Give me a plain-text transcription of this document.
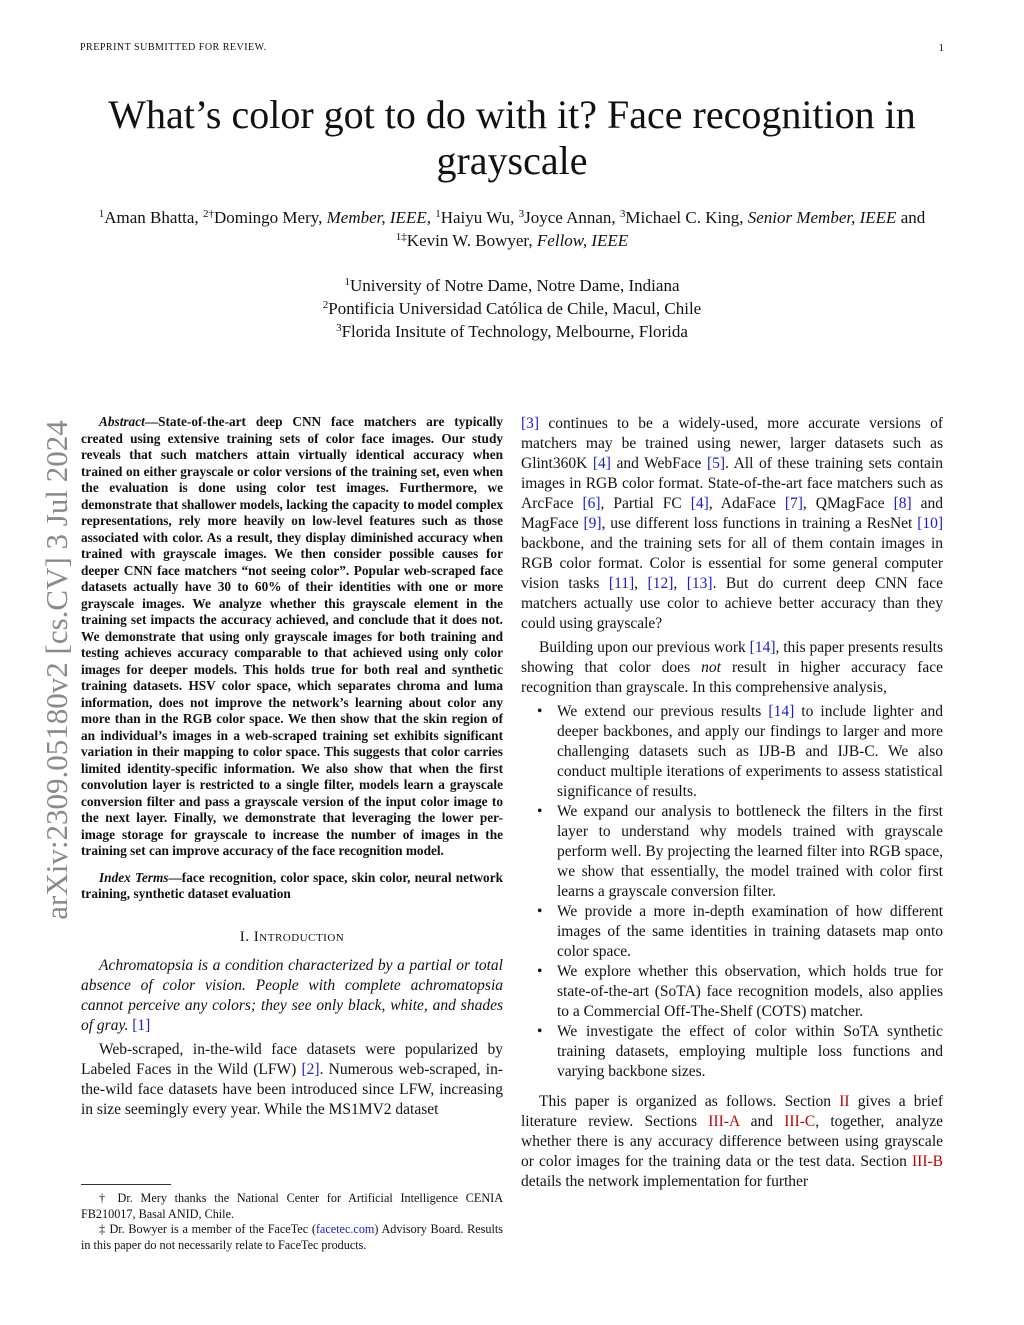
PREPRINT SUBMITTED FOR REVIEW.	1
arXiv:2309.05180v2 [cs.CV] 3 Jul 2024
What’s color got to do with it? Face recognition in grayscale
$^1$Aman Bhatta, $^{2\dagger}$Domingo Mery, Member, IEEE, $^1$Haiyu Wu, $^3$Joyce Annan, $^3$Michael C. King, Senior Member, IEEE and $^{1\ddagger}$Kevin W. Bowyer, Fellow, IEEE
$^1$University of Notre Dame, Notre Dame, Indiana
$^2$Pontificia Universidad Católica de Chile, Macul, Chile
$^3$Florida Insitute of Technology, Melbourne, Florida

Abstract—State-of-the-art deep CNN face matchers are typically created using extensive training sets of color face images. Our study reveals that such matchers attain virtually identical accuracy when trained on either grayscale or color versions of the training set, even when the evaluation is done using color test images. Furthermore, we demonstrate that shallower models, lacking the capacity to model complex representations, rely more heavily on low-level features such as those associated with color. As a result, they display diminished accuracy when trained with grayscale images. We then consider possible causes for deeper CNN face matchers “not seeing color”. Popular web-scraped face datasets actually have 30 to 60% of their identities with one or more grayscale images. We analyze whether this grayscale element in the training set impacts the accuracy achieved, and conclude that it does not. We demonstrate that using only grayscale images for both training and testing achieves accuracy comparable to that achieved using only color images for deeper models. This holds true for both real and synthetic training datasets. HSV color space, which separates chroma and luma information, does not improve the network’s learning about color any more than in the RGB color space. We then show that the skin region of an individual’s images in a web-scraped training set exhibits significant variation in their mapping to color space. This suggests that color carries limited identity-specific information. We also show that when the first convolution layer is restricted to a single filter, models learn a grayscale conversion filter and pass a grayscale version of the input color image to the next layer. Finally, we demonstrate that leveraging the lower per-image storage for grayscale to increase the number of images in the training set can improve accuracy of the face recognition model.

Index Terms—face recognition, color space, skin color, neural network training, synthetic dataset evaluation

I. Introduction

Achromatopsia is a condition characterized by a partial or total absence of color vision. People with complete achromatopsia cannot perceive any colors; they see only black, white, and shades of gray. [1]

Web-scraped, in-the-wild face datasets were popularized by Labeled Faces in the Wild (LFW) [2]. Numerous web-scraped, in-the-wild face datasets have been introduced since LFW, increasing in size seemingly every year. While the MS1MV2 dataset

[3] continues to be a widely-used, more accurate versions of matchers may be trained using newer, larger datasets such as Glint360K [4] and WebFace [5]. All of these training sets contain images in RGB color format. State-of-the-art face matchers such as ArcFace [6], Partial FC [4], AdaFace [7], QMagFace [8] and MagFace [9], use different loss functions in training a ResNet [10] backbone, and the training sets for all of them contain images in RGB color format. Color is essential for some general computer vision tasks [11], [12], [13]. But do current deep CNN face matchers actually use color to achieve better accuracy than they could using grayscale?

Building upon our previous work [14], this paper presents results showing that color does not result in higher accuracy face recognition than grayscale. In this comprehensive analysis,

• We extend our previous results [14] to include lighter and deeper backbones, and apply our findings to larger and more challenging datasets such as IJB-B and IJB-C. We also conduct multiple iterations of experiments to assess statistical significance of results.
• We expand our analysis to bottleneck the filters in the first layer to understand why models trained with grayscale perform well. By projecting the learned filter into RGB space, we show that essentially, the model trained with color first learns a grayscale conversion filter.
• We provide a more in-depth examination of how different images of the same identities in training datasets map onto color space.
• We explore whether this observation, which holds true for state-of-the-art (SoTA) face recognition models, also applies to a Commercial Off-The-Shelf (COTS) matcher.
• We investigate the effect of color within SoTA synthetic training datasets, employing multiple loss functions and varying backbone sizes.

This paper is organized as follows. Section II gives a brief literature review. Sections III-A and III-C, together, analyze whether there is any accuracy difference between using grayscale or color images for the training data or the test data. Section III-B details the network implementation for further

† Dr. Mery thanks the National Center for Artificial Intelligence CENIA FB210017, Basal ANID, Chile.

‡ Dr. Bowyer is a member of the FaceTec (facetec.com) Advisory Board. Results in this paper do not necessarily relate to FaceTec products.
